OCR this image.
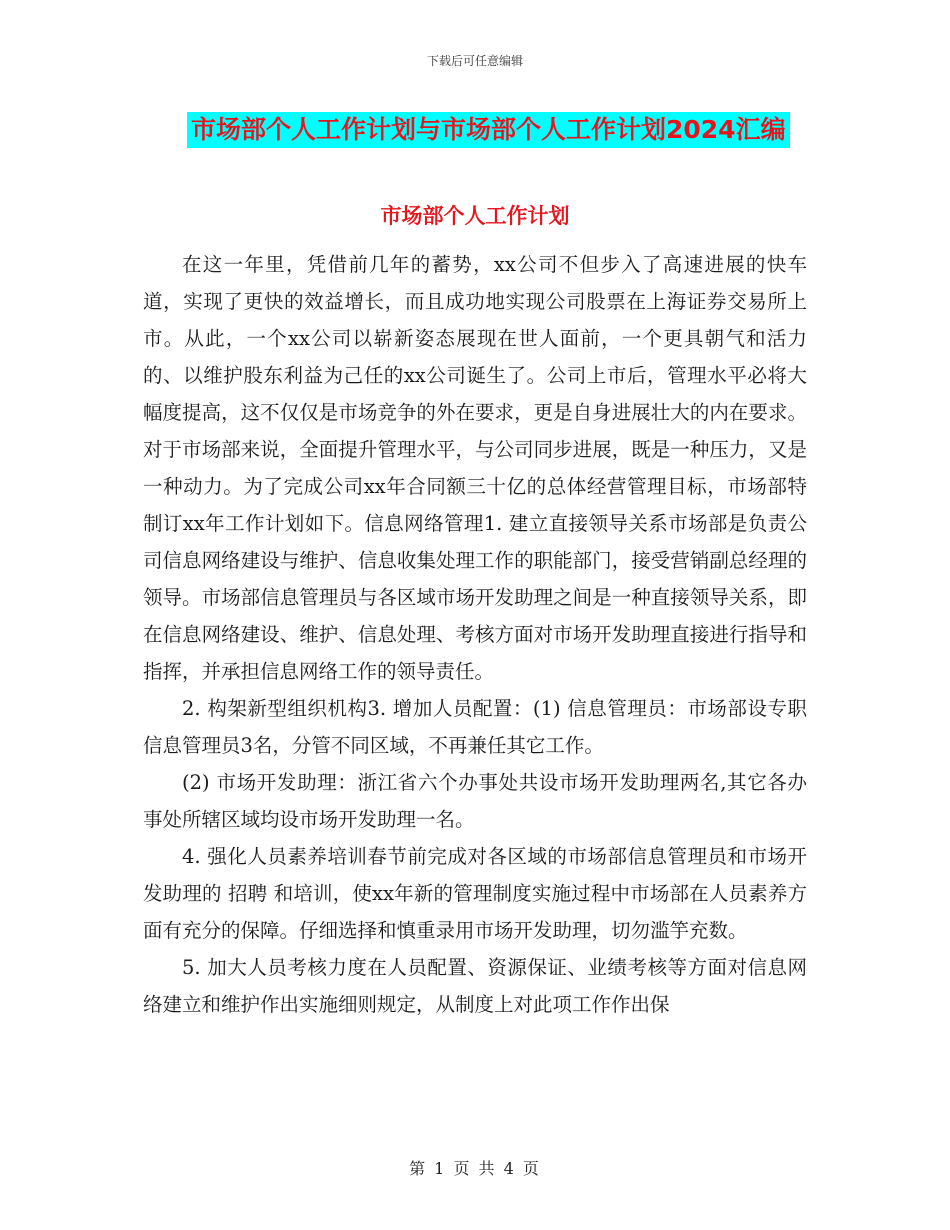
下载后可任意编辑
市场部个人工作计划与市场部个人工作计划2024汇编
市场部个人工作计划

在这一年里，凭借前几年的蓄势，xx公司不但步入了高速进展的快车道，实现了更快的效益增长，而且成功地实现公司股票在上海证券交易所上市。从此，一个xx公司以崭新姿态展现在世人面前，一个更具朝气和活力的、以维护股东利益为己任的xx公司诞生了。公司上市后，管理水平必将大幅度提高，这不仅仅是市场竞争的外在要求，更是自身进展壮大的内在要求。对于市场部来说，全面提升管理水平，与公司同步进展，既是一种压力，又是一种动力。为了完成公司xx年合同额三十亿的总体经营管理目标，市场部特制订xx年工作计划如下。信息网络管理1. 建立直接领导关系市场部是负责公司信息网络建设与维护、信息收集处理工作的职能部门，接受营销副总经理的领导。市场部信息管理员与各区域市场开发助理之间是一种直接领导关系，即在信息网络建设、维护、信息处理、考核方面对市场开发助理直接进行指导和指挥，并承担信息网络工作的领导责任。

2. 构架新型组织机构3. 增加人员配置：(1) 信息管理员：市场部设专职信息管理员3名，分管不同区域，不再兼任其它工作。

(2) 市场开发助理：浙江省六个办事处共设市场开发助理两名,其它各办事处所辖区域均设市场开发助理一名。

4. 强化人员素养培训春节前完成对各区域的市场部信息管理员和市场开发助理的 招聘 和培训，使xx年新的管理制度实施过程中市场部在人员素养方面有充分的保障。仔细选择和慎重录用市场开发助理，切勿滥竽充数。

5. 加大人员考核力度在人员配置、资源保证、业绩考核等方面对信息网络建立和维护作出实施细则规定，从制度上对此项工作作出保

第 1 页 共 4 页
